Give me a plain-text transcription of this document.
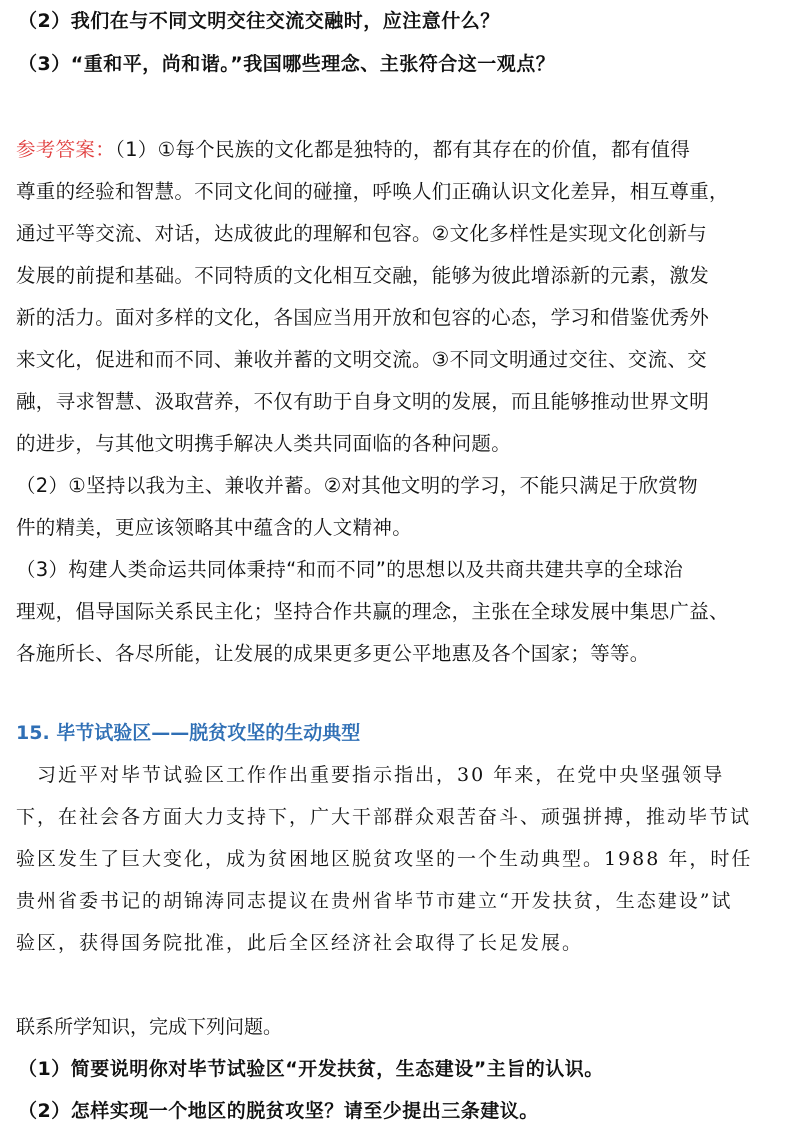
（2）我们在与不同文明交往交流交融时，应注意什么？
（3）“重和平，尚和谐。”我国哪些理念、主张符合这一观点？
参考答案：（1）①每个民族的文化都是独特的，都有其存在的价值，都有值得
尊重的经验和智慧。不同文化间的碰撞，呼唤人们正确认识文化差异，相互尊重，
通过平等交流、对话，达成彼此的理解和包容。②文化多样性是实现文化创新与
发展的前提和基础。不同特质的文化相互交融，能够为彼此增添新的元素，激发
新的活力。面对多样的文化，各国应当用开放和包容的心态，学习和借鉴优秀外
来文化，促进和而不同、兼收并蓄的文明交流。③不同文明通过交往、交流、交
融，寻求智慧、汲取营养，不仅有助于自身文明的发展，而且能够推动世界文明
的进步，与其他文明携手解决人类共同面临的各种问题。
（2）①坚持以我为主、兼收并蓄。②对其他文明的学习，不能只满足于欣赏物
件的精美，更应该领略其中蕴含的人文精神。
（3）构建人类命运共同体秉持“和而不同”的思想以及共商共建共享的全球治
理观，倡导国际关系民主化；坚持合作共赢的理念，主张在全球发展中集思广益、
各施所长、各尽所能，让发展的成果更多更公平地惠及各个国家；等等。
15. 毕节试验区——脱贫攻坚的生动典型
　习近平对毕节试验区工作作出重要指示指出，30 年来，在党中央坚强领导
下，在社会各方面大力支持下，广大干部群众艰苦奋斗、顽强拼搏，推动毕节试
验区发生了巨大变化，成为贫困地区脱贫攻坚的一个生动典型。1988 年，时任
贵州省委书记的胡锦涛同志提议在贵州省毕节市建立“开发扶贫，生态建设”试
验区，获得国务院批准，此后全区经济社会取得了长足发展。
联系所学知识，完成下列问题。
（1）简要说明你对毕节试验区“开发扶贫，生态建设”主旨的认识。
（2）怎样实现一个地区的脱贫攻坚？请至少提出三条建议。
